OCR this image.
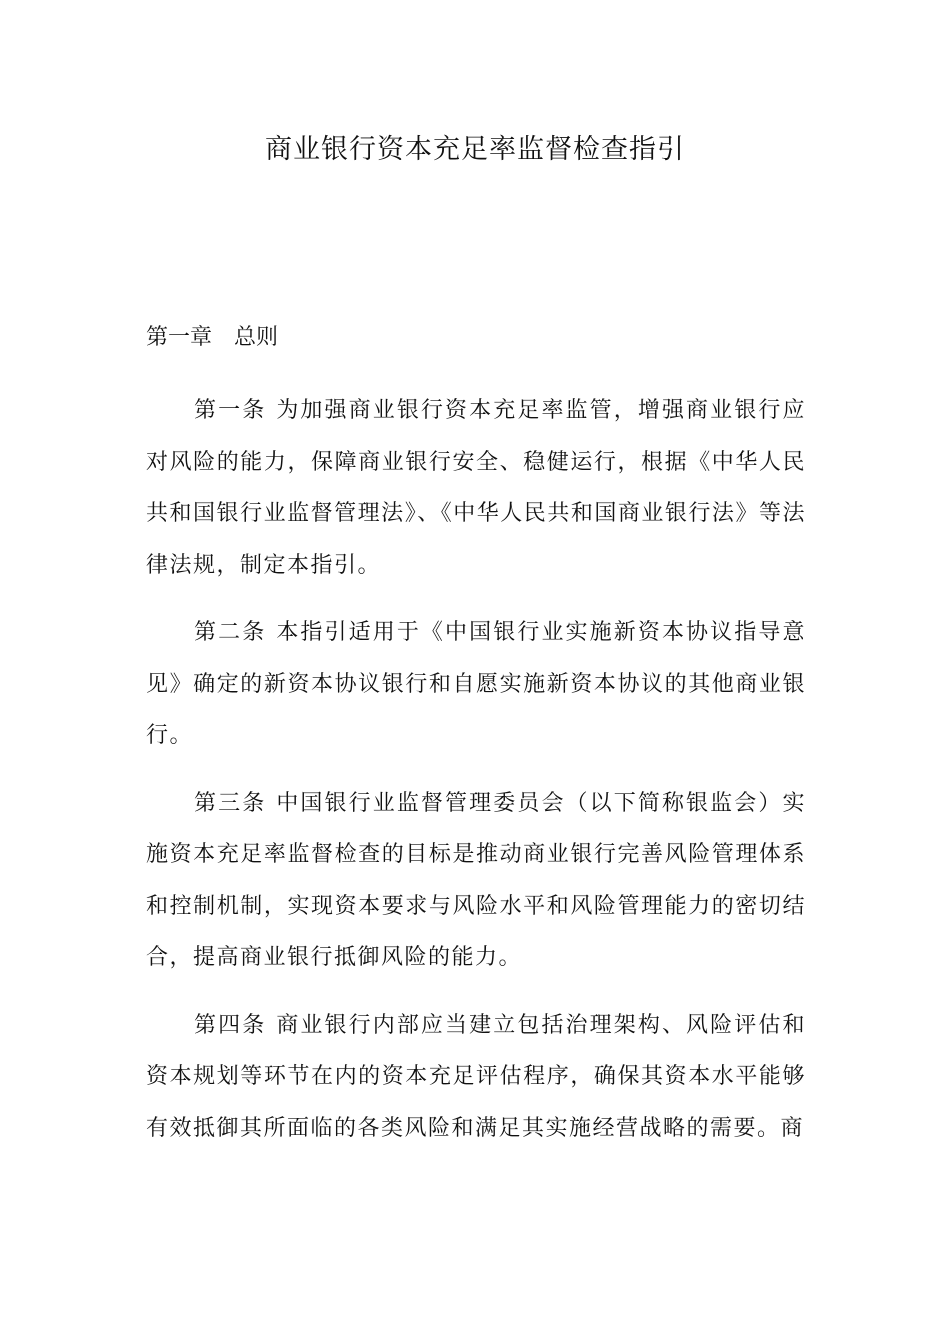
商业银行资本充足率监督检查指引
第一章　总则

第一条 为加强商业银行资本充足率监管，增强商业银行应对风险的能力，保障商业银行安全、稳健运行，根据《中华人民共和国银行业监督管理法》、《中华人民共和国商业银行法》等法律法规，制定本指引。

第二条 本指引适用于《中国银行业实施新资本协议指导意见》确定的新资本协议银行和自愿实施新资本协议的其他商业银行。

第三条 中国银行业监督管理委员会（以下简称银监会）实施资本充足率监督检查的目标是推动商业银行完善风险管理体系和控制机制，实现资本要求与风险水平和风险管理能力的密切结合，提高商业银行抵御风险的能力。

第四条 商业银行内部应当建立包括治理架构、风险评估和资本规划等环节在内的资本充足评估程序，确保其资本水平能够有效抵御其所面临的各类风险和满足其实施经营战略的需要。商
